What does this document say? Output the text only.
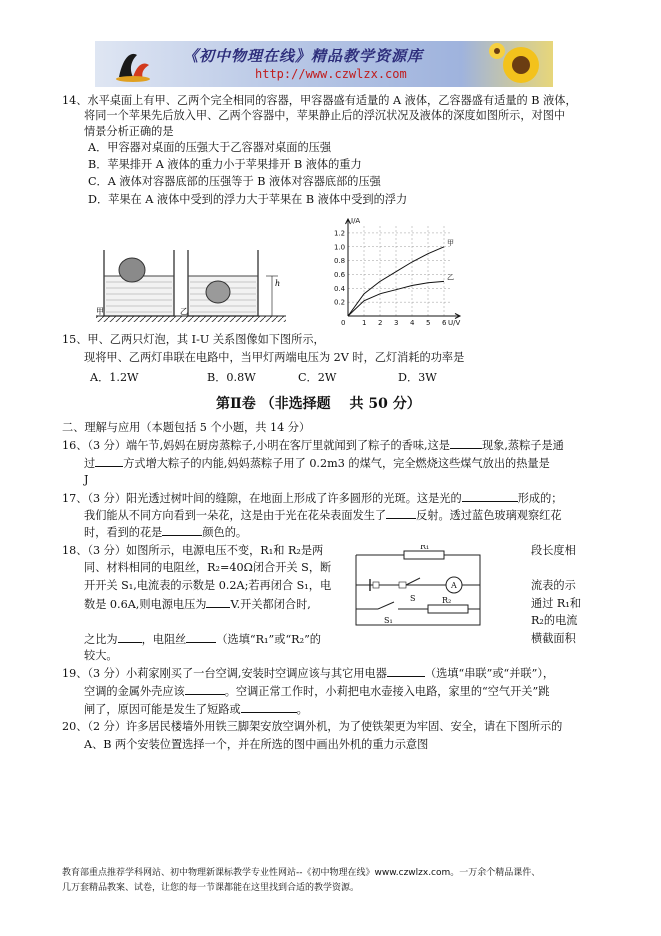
《初中物理在线》精品教学资源库
http://www.czwlzx.com
14、水平桌面上有甲、乙两个完全相同的容器，甲容器盛有适量的 A 液体，乙容器盛有适量的 B 液体，
将同一个苹果先后放入甲、乙两个容器中，苹果静止后的浮沉状况及液体的深度如图所示，对图中
情景分析正确的是
A．甲容器对桌面的压强大于乙容器对桌面的压强
B．苹果排开 A 液体的重力小于苹果排开 B 液体的重力
C．A 液体对容器底部的压强等于 B 液体对容器底部的压强
D．苹果在 A 液体中受到的浮力大于苹果在 B 液体中受到的浮力
甲	乙
h
1 2 3 4 5 6
0.2
0.4
0.6
0.8
1.0
1.2
I/A
U/V
0
甲
乙
15、甲、乙两只灯泡，其 I-U 关系图像如下图所示，
现将甲、乙两灯串联在电路中，当甲灯两端电压为 2V 时，乙灯消耗的功率是
A．1.2W	B．0.8W	C．2W	D．3W
第Ⅱ卷 （非选择题　 共 50 分）
二、理解与应用（本题包括 5 个小题，共 14 分）
16、（3 分）端午节,妈妈在厨房蒸粽子,小明在客厅里就闻到了粽子的香味,这是	现象,蒸粽子是通
过	方式增大粽子的内能,妈妈蒸粽子用了 0.2m3 的煤气，完全燃烧这些煤气放出的热量是
J
17、（3 分）阳光透过树叶间的缝隙，在地面上形成了许多圆形的光斑。这是光的	形成的；
我们能从不同方向看到一朵花，这是由于光在花朵表面发生了	反射。透过蓝色玻璃观察红花
时，看到的花是	颜色的。
18、（3 分）如图所示，电源电压不变，R₁和 R₂是两	段长度相
同、材料相同的电阻丝，R₂=40Ω闭合开关 S，断
开开关 S₁,电流表的示数是 0.2A;若再闭合 S₁，电	流表的示
数是 0.6A,则电源电压为 V.开关都闭合时,	通过 R₁和
R₂的电流
之比为 ，电阻丝	（选填“R₁”或“R₂”的	横截面积
较大。
R₁
S
A
R₂
S₁
19、（3 分）小莉家刚买了一台空调,安装时空调应该与其它用电器	（选填“串联”或“并联”），
空调的金属外壳应该	。空调正常工作时，小莉把电水壶接入电路，家里的“空气开关”跳
闸了，原因可能是发生了短路或	。
20、（2 分）许多居民楼墙外用铁三脚架安放空调外机，为了使铁架更为牢固、安全，请在下图所示的
A、B 两个安装位置选择一个，并在所选的图中画出外机的重力示意图
教育部重点推荐学科网站、初中物理新课标教学专业性网站--《初中物理在线》www.czwlzx.com。一万余个精品课件、
几万套精品教案、试卷，让您的每一节课都能在这里找到合适的教学资源。
